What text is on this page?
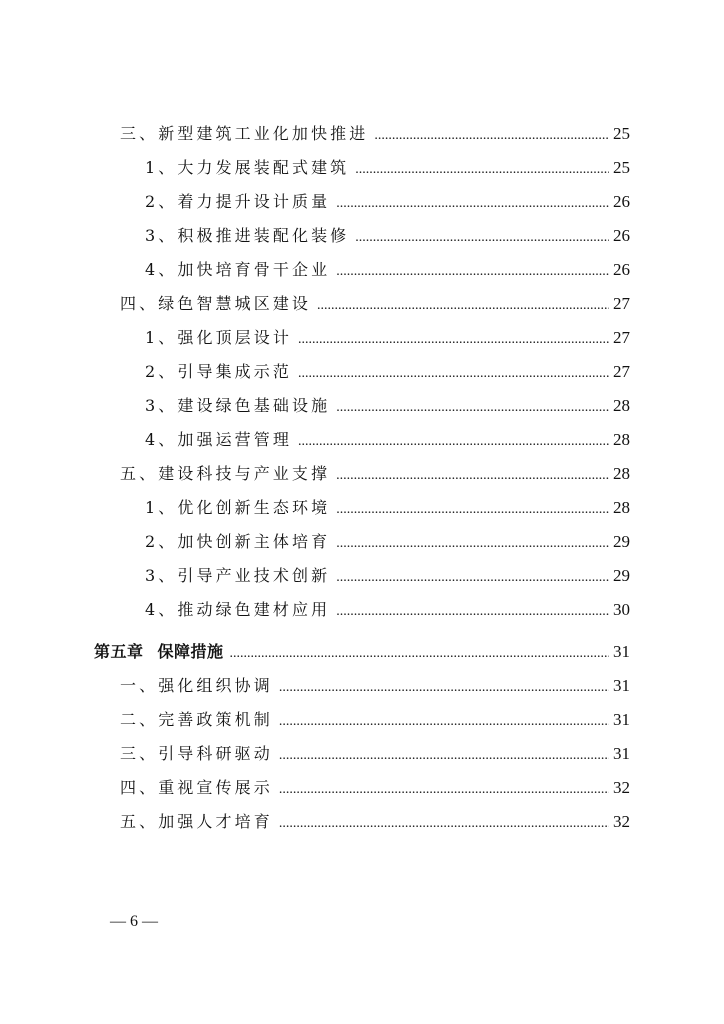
三、新型建筑工业化加快推进 .....	25
1、大力发展装配式建筑 .....	25
2、着力提升设计质量 .....	26
3、积极推进装配化装修 .....	26
4、加快培育骨干企业 .....	26
四、绿色智慧城区建设 .....	27
1、强化顶层设计 .....	27
2、引导集成示范 .....	27
3、建设绿色基础设施 .....	28
4、加强运营管理 .....	28
五、建设科技与产业支撑 .....	28
1、优化创新生态环境 .....	28
2、加快创新主体培育 .....	29
3、引导产业技术创新 .....	29
4、推动绿色建材应用 .....	30
第五章 保障措施 .....	31
一、强化组织协调 .....	31
二、完善政策机制 .....	31
三、引导科研驱动 .....	31
四、重视宣传展示 .....	32
五、加强人才培育 .....	32
— 6 —
